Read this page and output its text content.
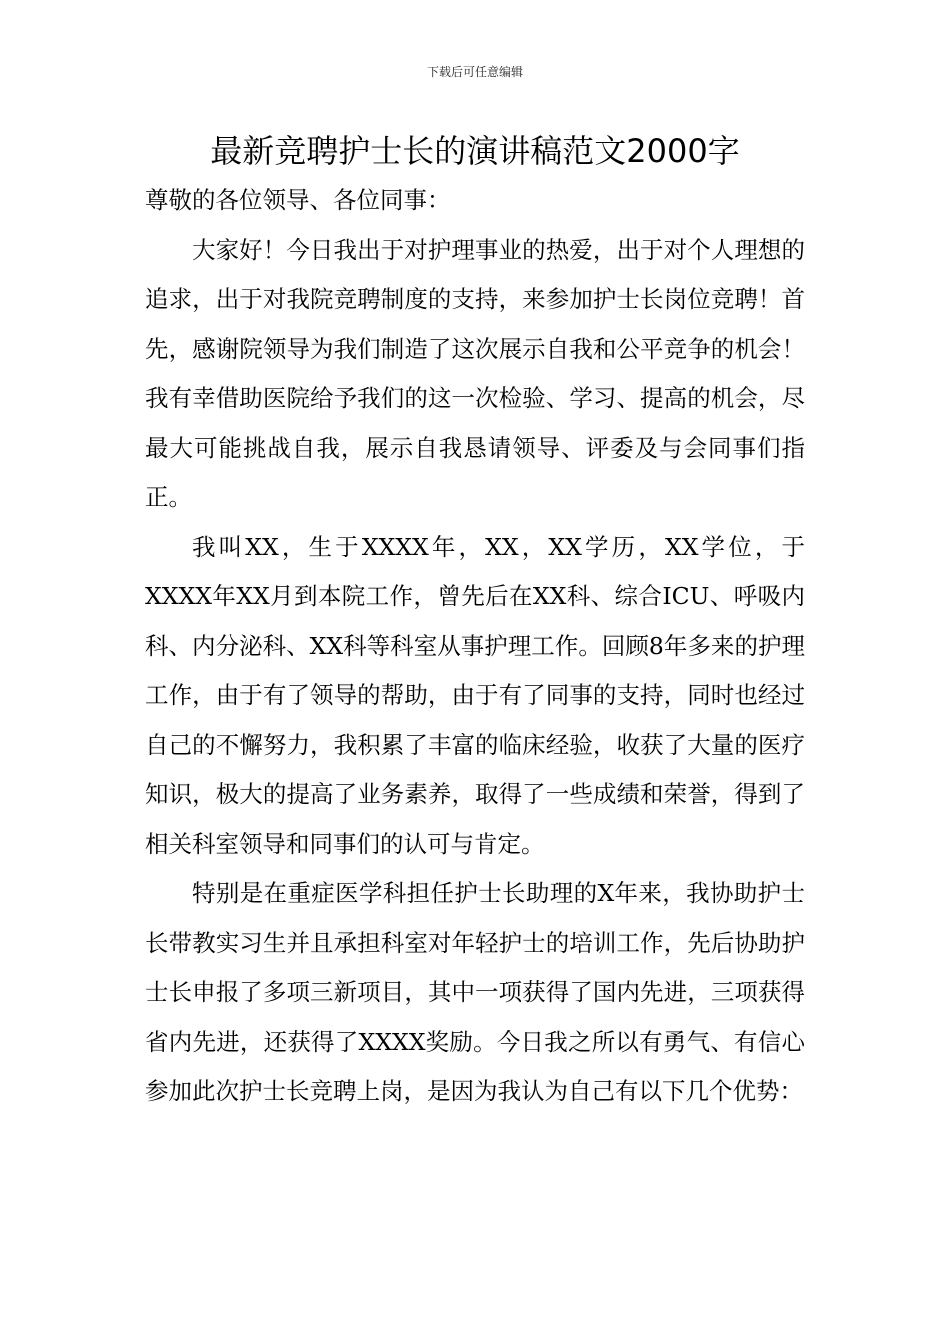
下载后可任意编辑
最新竞聘护士长的演讲稿范文2000字

尊敬的各位领导、各位同事：

大家好！今日我出于对护理事业的热爱，出于对个人理想的追求，出于对我院竞聘制度的支持，来参加护士长岗位竞聘！首先，感谢院领导为我们制造了这次展示自我和公平竞争的机会！我有幸借助医院给予我们的这一次检验、学习、提高的机会，尽最大可能挑战自我，展示自我恳请领导、评委及与会同事们指正。

我叫XX，生于XXXX年，XX，XX学历，XX学位，于XXXX年XX月到本院工作，曾先后在XX科、综合ICU、呼吸内科、内分泌科、XX科等科室从事护理工作。回顾8年多来的护理工作，由于有了领导的帮助，由于有了同事的支持，同时也经过自己的不懈努力，我积累了丰富的临床经验，收获了大量的医疗知识，极大的提高了业务素养，取得了一些成绩和荣誉，得到了相关科室领导和同事们的认可与肯定。

特别是在重症医学科担任护士长助理的X年来，我协助护士长带教实习生并且承担科室对年轻护士的培训工作，先后协助护士长申报了多项三新项目，其中一项获得了国内先进，三项获得省内先进，还获得了XXXX奖励。今日我之所以有勇气、有信心参加此次护士长竞聘上岗，是因为我认为自己有以下几个优势：
